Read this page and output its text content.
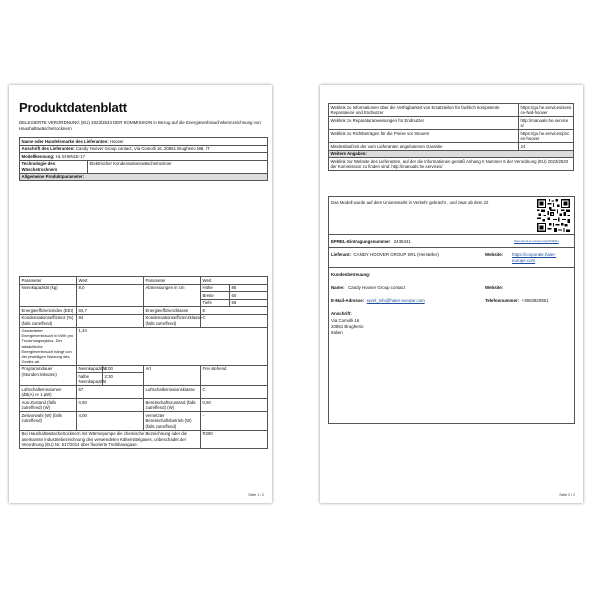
Produktdatenblatt
DELEGIERTE VERORDNUNG (EU) 2023/2534 DER KOMMISSION in Bezug auf die Energieverbrauchskennzeichnung von Haushaltswäschetrocknern
Name oder Handelsmarke des Lieferanten: Hoover
Anschrift des Lieferanten: Candy Hoover Group contact, Via Comolli 16, 20861 Brugherio MB, IT
Modellkennung: HL EH8N1E-17
Technologie des Wäschetrockners	Elektrischer Kondensationswäschetrockner
Allgemeine Produktparameter:
Parameter	Wert		Parameter	Wert	
Nennkapazität (kg)	8,0		Abmessungen in cm	Höhe	85
				Breite	60
				Tiefe	59
Energieeffizienzindex (EEI)	84,7		Energieeffizienzklasse	E	
Kondensationseffizienz (%) (falls zutreffend)	84		Kondensationseffizienzklasse (falls zutreffend)	C	
Gewichteter Energieverbrauch in kWh pro Trocknungszyklus. Der tatsächliche Energieverbrauch hängt von der jeweiligen Nutzung des Geräts ab.	1,44				
Programmdauer (Stunden:Minuten)	Nennkapazität	4:00	Art	Frei stehend	
	halbe Nennkapazität	2:30			
Luftschallemissionen (dB(A) re 1 pW)	67		Luftschallemissionsklasse	C	
Aus-Zustand (falls zutreffend) (W)	0,50		Bereitschaftszustand (falls zutreffend) (W)	0,50	
Zeitvorwahl (W) (falls zutreffend)	4,00		vernetzter Bereitschaftsbetrieb (W) (falls zutreffend)	-	
Bei Haushaltswäschetrocknern mit Wärmepumpe die chemische Bezeichnung oder die anerkannte Industriebezeichnung des verwendeten Kältemittelgases, unbeschadet der Verordnung (EU) Nr. 517/2014 über fluorierte Treibhausgase.				R290	
Seite 1 / 2
Weblink zu Informationen über die Verfügbarkeit von Ersatzteilen für fachlich kompetente Reparateure und Endnutzer	https://go.he.services/service-fwd-hoover
Weblink zu Reparaturanweisungen für Endnutzer	http://manuals.he.services/
Weblink zu Richtbeträgen für die Preise vor Steuern	https://go.he.services/prices-hoover
Mindestlaufzeit der vom Lieferanten angebotenen Garantie	24
Weitere Angaben:	
Weblink zur Website des Lieferanten, auf der die Informationen gemäß Anhang II Nummer 6 der Verordnung (EU) 2023/2533 der Kommission zu finden sind: http://manuals.he.services/	
Das Modell wurde auf dem Unionsmarkt in Verkehr gebracht , und zwar ab dem 22
EPREL-Eintragungsnummer 2436341	https://eprel.ec.europa.eu/qr/2436341
Lieferant: CANDY HOOVER GROUP SRL (Hersteller)	Website: https://corporate.haier-europe.com
Kundenbetreuung:
Name: Candy Hoover Group contact	Website:
E-Mail-Adresse: eprel_info@haier-europe.com	Telefonnummer: +3903920861
Anschrift:
Via Comolli 16
20861 Brugherio
Italien
Seite 2 / 2
